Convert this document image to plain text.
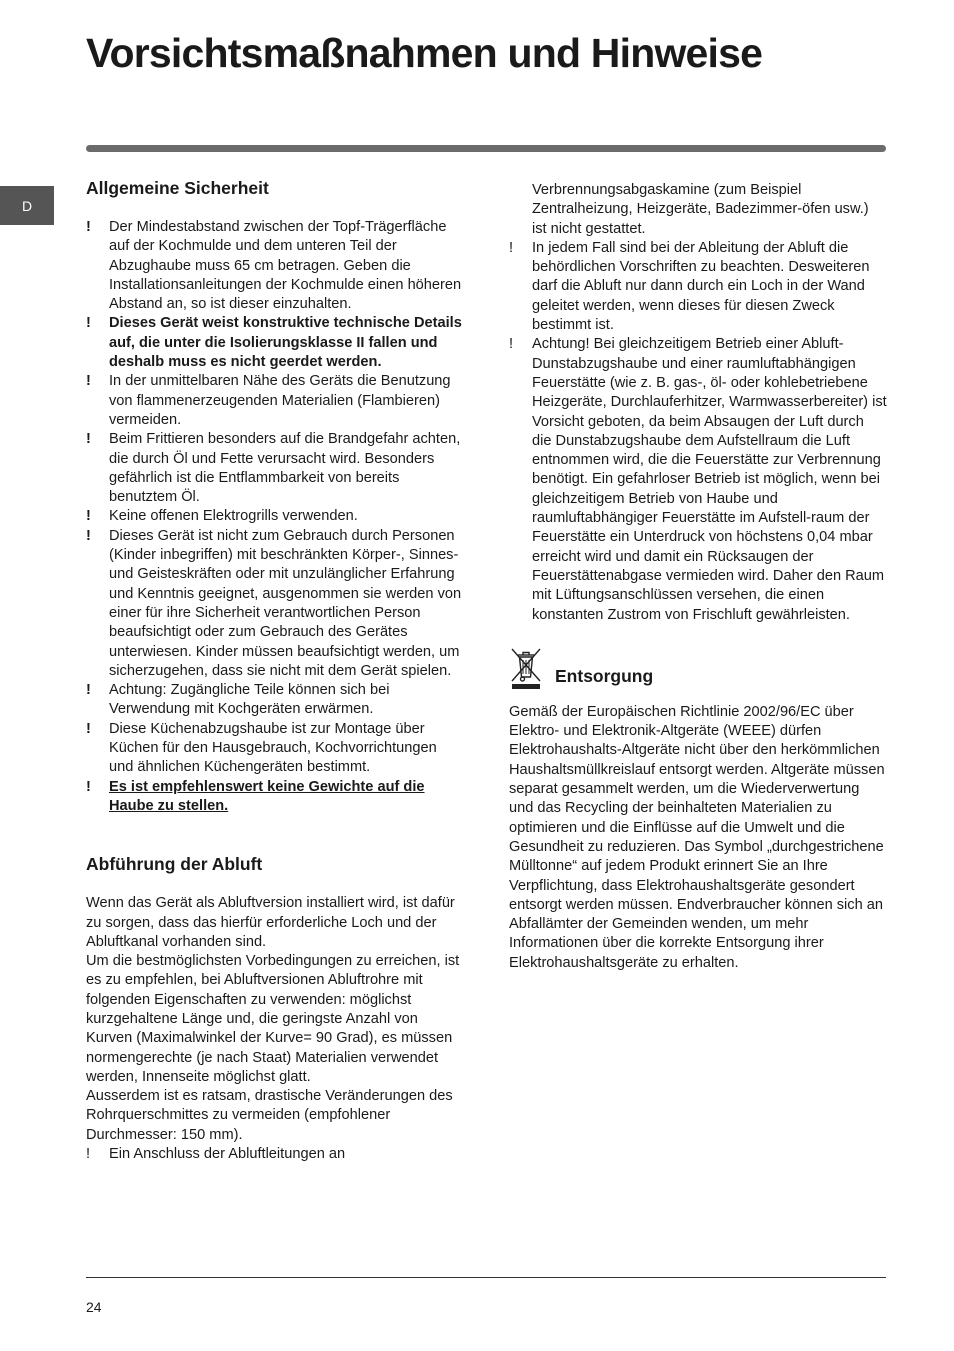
Vorsichtsmaßnahmen und Hinweise
D
Allgemeine Sicherheit
! Der Mindestabstand zwischen der Topf-Trägerfläche auf der Kochmulde und dem unteren Teil der Abzughaube muss 65 cm betragen. Geben die Installationsanleitungen der Kochmulde einen höheren Abstand an, so ist dieser einzuhalten.
! Dieses Gerät weist konstruktive technische Details auf, die unter die Isolierungsklasse II fallen und deshalb muss es nicht geerdet werden.
! In der unmittelbaren Nähe des Geräts die Benutzung von flammenerzeugenden Materialien (Flambieren) vermeiden.
! Beim Frittieren besonders auf die Brandgefahr achten, die durch Öl und Fette verursacht wird. Besonders gefährlich ist die Entflammbarkeit von bereits benutztem Öl.
! Keine offenen Elektrogrills verwenden.
! Dieses Gerät ist nicht zum Gebrauch durch Personen (Kinder inbegriffen) mit beschränkten Körper-, Sinnes- und Geisteskräften oder mit unzulänglicher Erfahrung und Kenntnis geeignet, ausgenommen sie werden von einer für ihre Sicherheit verantwortlichen Person beaufsichtigt oder zum Gebrauch des Gerätes unterwiesen. Kinder müssen beaufsichtigt werden, um sicherzugehen, dass sie nicht mit dem Gerät spielen.
! Achtung: Zugängliche Teile können sich bei Verwendung mit Kochgeräten erwärmen.
! Diese Küchenabzugshaube ist zur Montage über Küchen für den Hausgebrauch, Kochvorrichtungen und ähnlichen Küchengeräten bestimmt.
! Es ist empfehlenswert keine Gewichte auf die Haube zu stellen.
Abführung der Abluft

Wenn das Gerät als Abluftversion installiert wird, ist dafür zu sorgen, dass das hierfür erforderliche Loch und der Abluftkanal vorhanden sind.

Um die bestmöglichsten Vorbedingungen zu erreichen, ist es zu empfehlen, bei Abluftversionen Abluftrohre mit folgenden Eigenschaften zu verwenden: möglichst kurzgehaltene Länge und, die geringste Anzahl von Kurven (Maximalwinkel der Kurve= 90 Grad), es müssen normengerechte (je nach Staat) Materialien verwendet werden, Innenseite möglichst glatt.

Ausserdem ist es ratsam, drastische Veränderungen des Rohrquerschmittes zu vermeiden (empfohlener Durchmesser: 150 mm).

! Ein Anschluss der Abluftleitungen an

Verbrennungsabgaskamine (zum Beispiel Zentralheizung, Heizgeräte, Badezimmer-öfen usw.) ist nicht gestattet.

! In jedem Fall sind bei der Ableitung der Abluft die behördlichen Vorschriften zu beachten. Desweiteren darf die Abluft nur dann durch ein Loch in der Wand geleitet werden, wenn dieses für diesen Zweck bestimmt ist.
! Achtung! Bei gleichzeitigem Betrieb einer Abluft-Dunstabzugshaube und einer raumluftabhängigen Feuerstätte (wie z. B. gas-, öl- oder kohlebetriebene Heizgeräte, Durchlauferhitzer, Warmwasserbereiter) ist Vorsicht geboten, da beim Absaugen der Luft durch die Dunstabzugshaube dem Aufstellraum die Luft entnommen wird, die die Feuerstätte zur Verbrennung benötigt. Ein gefahrloser Betrieb ist möglich, wenn bei gleichzeitigem Betrieb von Haube und raumluftabhängiger Feuerstätte im Aufstell-raum der Feuerstätte ein Unterdruck von höchstens 0,04 mbar erreicht wird und damit ein Rücksaugen der Feuerstättenabgase vermieden wird. Daher den Raum mit Lüftungsanschlüssen versehen, die einen konstanten Zustrom von Frischluft gewährleisten.
Entsorgung

Gemäß der Europäischen Richtlinie 2002/96/EC über Elektro- und Elektronik-Altgeräte (WEEE) dürfen Elektrohaushalts-Altgeräte nicht über den herkömmlichen Haushaltsmüllkreislauf entsorgt werden. Altgeräte müssen separat gesammelt werden, um die Wiederverwertung und das Recycling der beinhalteten Materialien zu optimieren und die Einflüsse auf die Umwelt und die Gesundheit zu reduzieren. Das Symbol „durchgestrichene Mülltonne“ auf jedem Produkt erinnert Sie an Ihre Verpflichtung, dass Elektrohaushaltsgeräte gesondert entsorgt werden müssen. Endverbraucher können sich an Abfallämter der Gemeinden wenden, um mehr Informationen über die korrekte Entsorgung ihrer Elektrohaushaltsgeräte zu erhalten.

24
